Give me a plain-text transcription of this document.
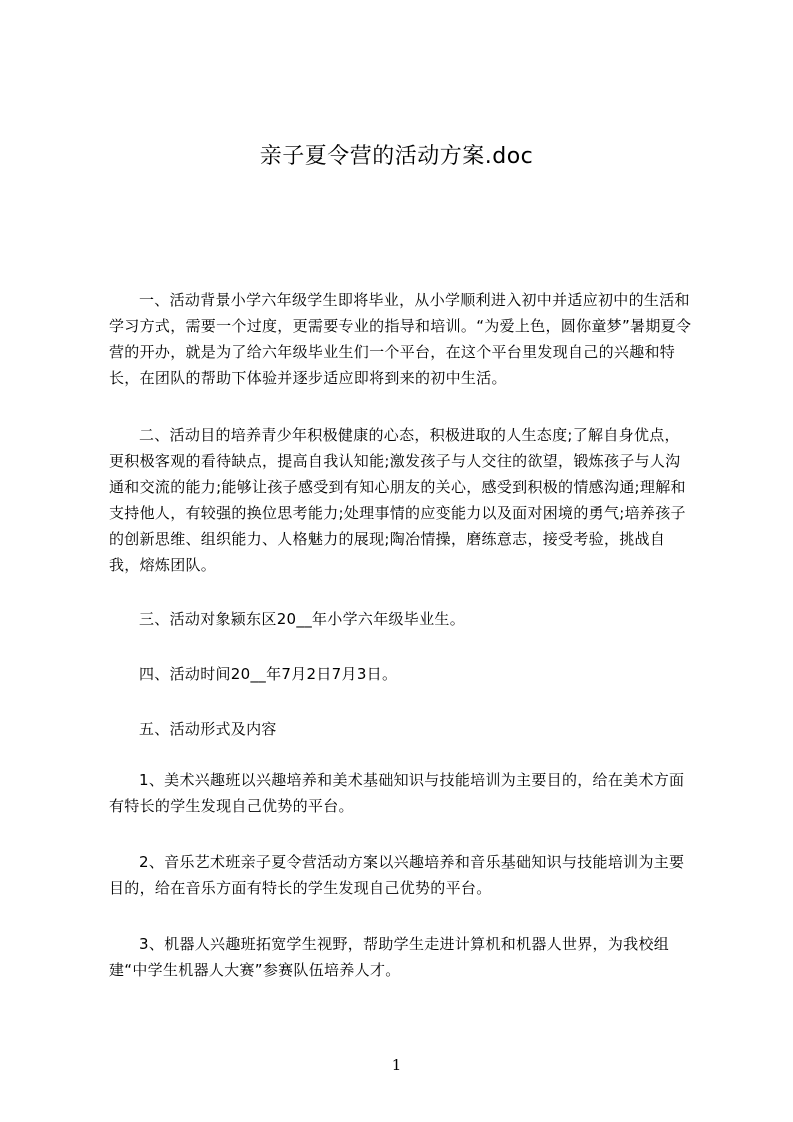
亲子夏令营的活动方案.doc

一、活动背景小学六年级学生即将毕业，从小学顺利进入初中并适应初中的生活和学习方式，需要一个过度，更需要专业的指导和培训。“为爱上色，圆你童梦”暑期夏令营的开办，就是为了给六年级毕业生们一个平台，在这个平台里发现自己的兴趣和特长，在团队的帮助下体验并逐步适应即将到来的初中生活。

二、活动目的培养青少年积极健康的心态，积极进取的人生态度;了解自身优点，更积极客观的看待缺点，提高自我认知能;激发孩子与人交往的欲望，锻炼孩子与人沟通和交流的能力;能够让孩子感受到有知心朋友的关心，感受到积极的情感沟通;理解和支持他人，有较强的换位思考能力;处理事情的应变能力以及面对困境的勇气;培养孩子的创新思维、组织能力、人格魅力的展现;陶冶情操，磨练意志，接受考验，挑战自我，熔炼团队。

三、活动对象颍东区20__年小学六年级毕业生。

四、活动时间20__年7月2日7月3日。

五、活动形式及内容

1、美术兴趣班以兴趣培养和美术基础知识与技能培训为主要目的，给在美术方面有特长的学生发现自己优势的平台。

2、音乐艺术班亲子夏令营活动方案以兴趣培养和音乐基础知识与技能培训为主要目的，给在音乐方面有特长的学生发现自己优势的平台。

3、机器人兴趣班拓宽学生视野，帮助学生走进计算机和机器人世界，为我校组建“中学生机器人大赛”参赛队伍培养人才。

1
